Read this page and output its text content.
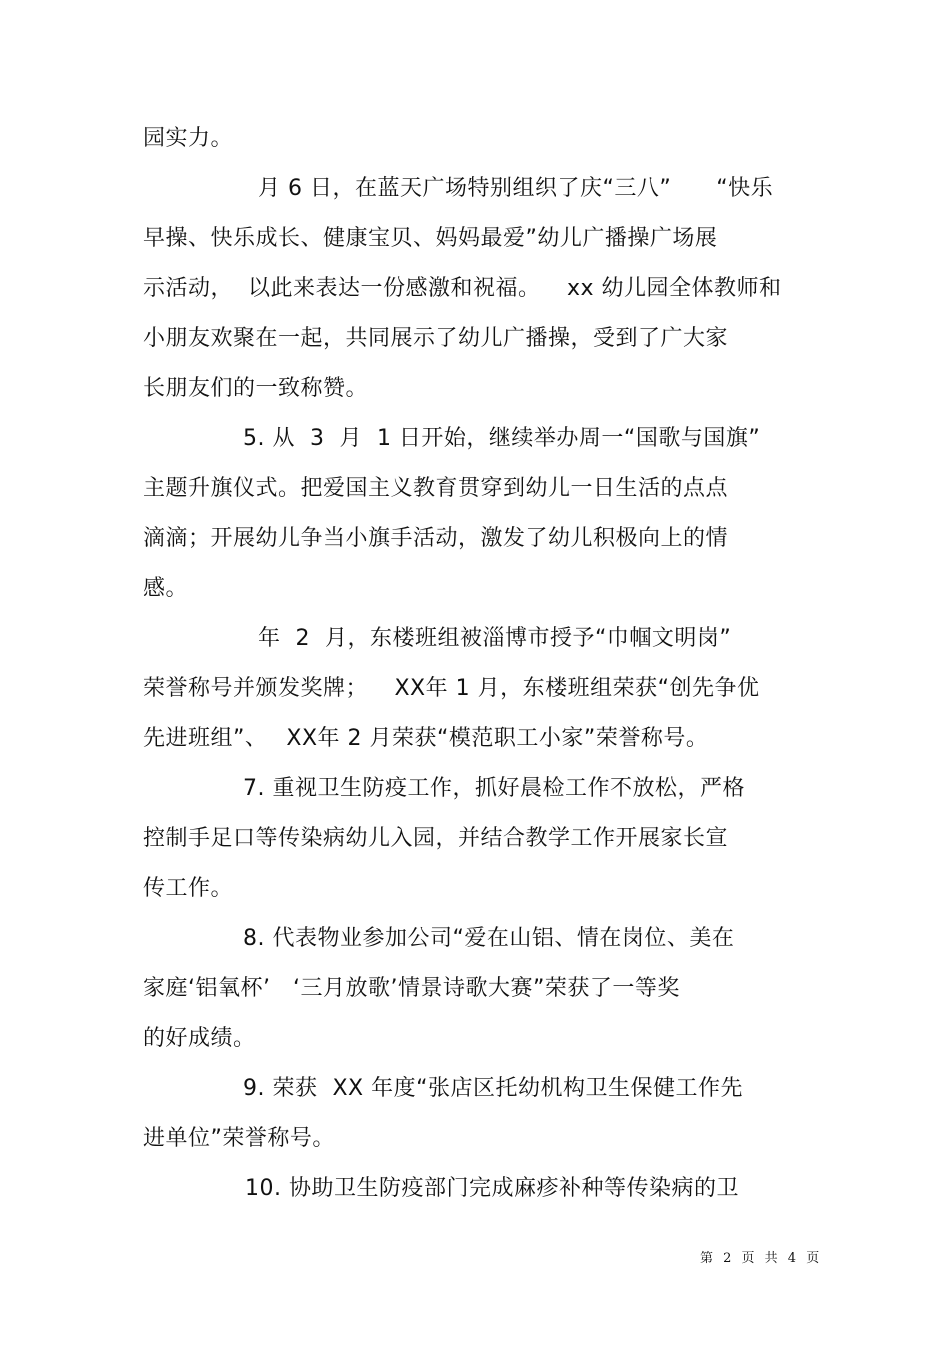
园实力。
月 6 日，在蓝天广场特别组织了庆“三八”　　“快乐
早操、快乐成长、健康宝贝、妈妈最爱”幼儿广播操广场展
示活动，  以此来表达一份感激和祝福。　  xx 幼儿园全体教师和
小朋友欢聚在一起，共同展示了幼儿广播操，受到了广大家
长朋友们的一致称赞。
5. 从  3  月  1 日开始，继续举办周一“国歌与国旗”
主题升旗仪式。把爱国主义教育贯穿到幼儿一日生活的点点
滴滴；开展幼儿争当小旗手活动，激发了幼儿积极向上的情
感。
年  2  月，东楼班组被淄博市授予“巾帼文明岗”
荣誉称号并颁发奖牌；　  XX年 1 月，东楼班组荣获“创先争优
先进班组”、　 XX年 2 月荣获“模范职工小家”荣誉称号。
7. 重视卫生防疫工作，抓好晨检工作不放松，严格
控制手足口等传染病幼儿入园，并结合教学工作开展家长宣
传工作。
8. 代表物业参加公司“爱在山铝、情在岗位、美在
家庭‘铝氧杯’　‘三月放歌’情景诗歌大赛”荣获了一等奖
的好成绩。
9. 荣获  XX 年度“张店区托幼机构卫生保健工作先
进单位”荣誉称号。
10. 协助卫生防疫部门完成麻疹补种等传染病的卫
第 2 页 共 4 页
